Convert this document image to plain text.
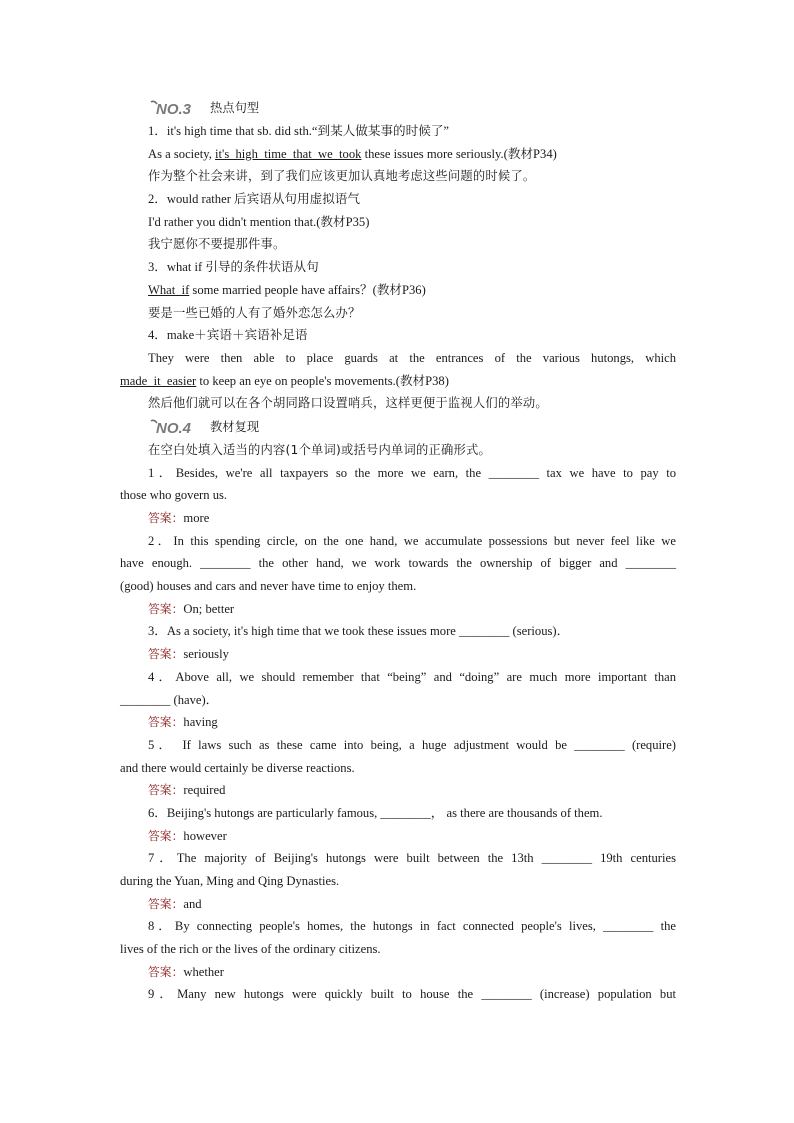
NO.3 热点句型
1．it's high time that sb. did sth.“到某人做某事的时候了”
As a society, it's_high_time_that_we_took these issues more seriously.(教材P34)
作为整个社会来讲，到了我们应该更加认真地考虑这些问题的时候了。
2．would rather 后宾语从句用虚拟语气
I'd rather you didn't mention that.(教材P35)
我宁愿你不要提那件事。
3．what if 引导的条件状语从句
What_if some married people have affairs？(教材P36)
要是一些已婚的人有了婚外恋怎么办？
4．make＋宾语＋宾语补足语
They were then able to place guards at the entrances of the various hutongs, which
made_it_easier to keep an eye on people's movements.(教材P38)
然后他们就可以在各个胡同路口设置哨兵，这样更便于监视人们的举动。
NO.4 教材复现
在空白处填入适当的内容(1个单词)或括号内单词的正确形式。
1．Besides, we're all taxpayers so the more we earn, the ________ tax we have to pay to
those who govern us.
答案：more
2．In this spending circle, on the one hand, we accumulate possessions but never feel like we
have enough. ________ the other hand, we work towards the ownership of bigger and ________
(good) houses and cars and never have time to enjoy them.
答案：On; better
3．As a society, it's high time that we took these issues more ________ (serious)．
答案：seriously
4．Above all, we should remember that “being” and “doing” are much more important than
________ (have)．
答案：having
5． If laws such as these came into being, a huge adjustment would be ________ (require)
and there would certainly be diverse reactions.
答案：required
6．Beijing's hutongs are particularly famous, ________， as there are thousands of them.
答案：however
7．The majority of Beijing's hutongs were built between the 13th ________ 19th centuries
during the Yuan, Ming and Qing Dynasties.
答案：and
8．By connecting people's homes, the hutongs in fact connected people's lives, ________ the
lives of the rich or the lives of the ordinary citizens.
答案：whether
9．Many new hutongs were quickly built to house the ________ (increase) population but
